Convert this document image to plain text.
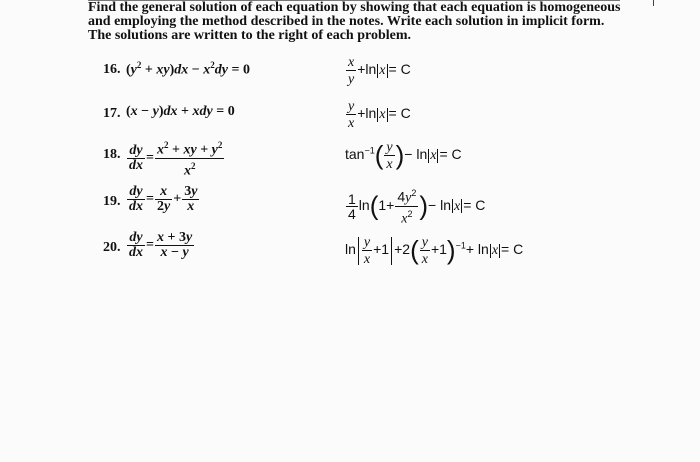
Find the general solution of each equation by showing that each equation is homogeneous
and employing the method described in the notes. Write each solution in implicit form.
The solutions are written to the right of each problem.
16. $(y^2 + xy)dx - x^2dy = 0$	$\frac{x}{y} +\ln$ x = C
17. (x − y)dx + xdy = 0	$\frac{y}{x} +\ln$ x = C
18. $\frac{dy}{dx} = \frac{x^2 + xy + y^2}{x^2}$	$\tan^{-1}( \frac{y}{x}$ )− ln x = C
19. $\frac{dy}{dx} = \frac{x}{2y} + \frac{3y}{x}$	$\frac{1}{4} \ln(1+ \frac{4y^2}{x^2}$ )− ln x = C
20. $\frac{dy}{dx} = \frac{x + 3y}{x - y}$	$\ln \frac{y}{x} +1 +2( \frac{y}{x} +1)^{-1}+ \ln x = C$
